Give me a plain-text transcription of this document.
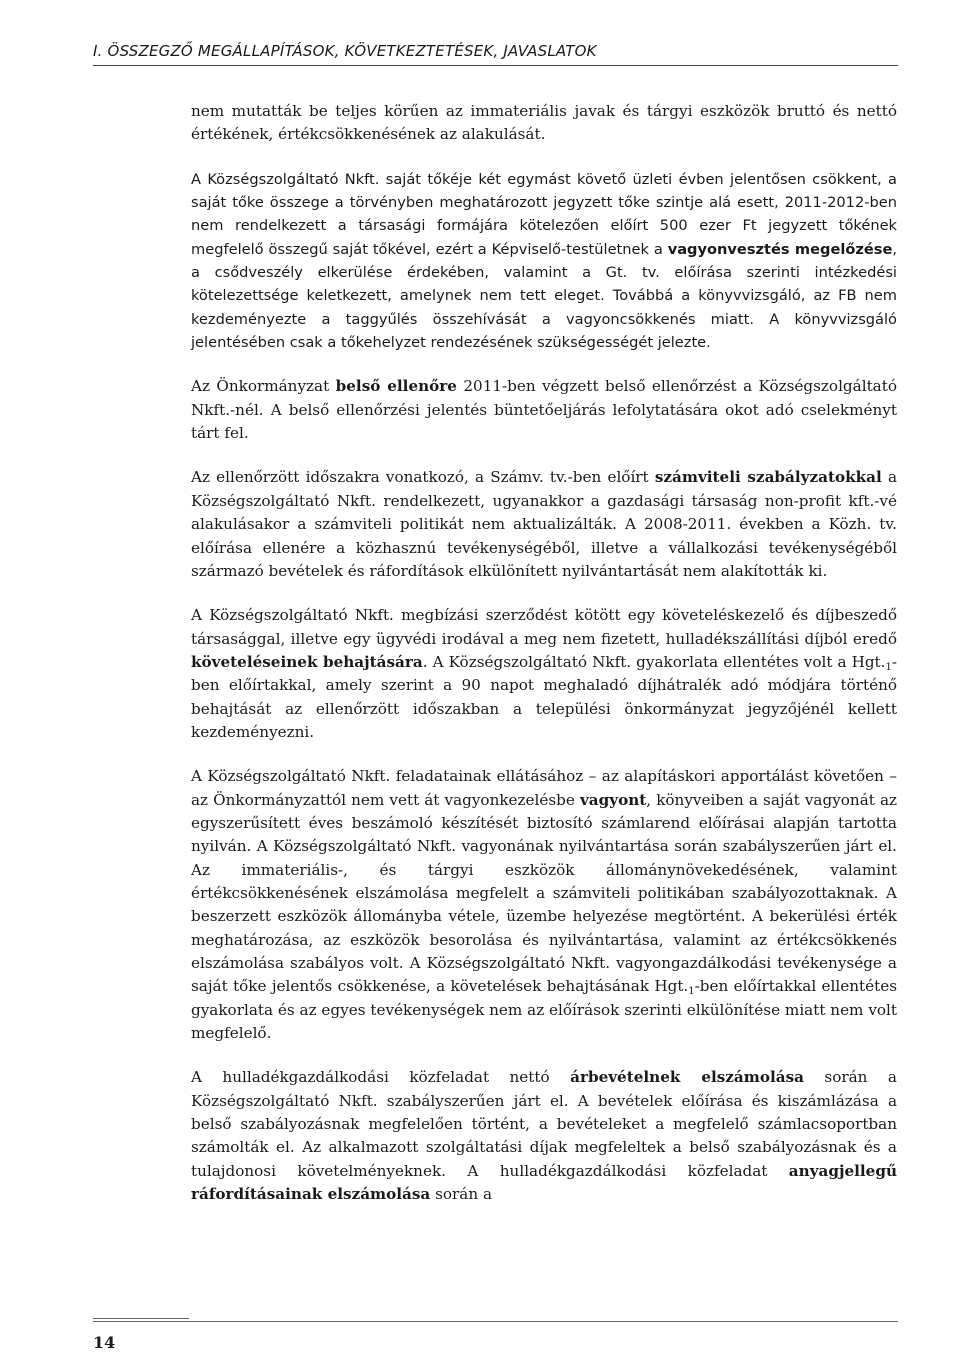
I. ÖSSZEGZŐ MEGÁLLAPÍTÁSOK, KÖVETKEZTETÉSEK, JAVASLATOK

nem mutatták be teljes körűen az immateriális javak és tárgyi eszközök bruttó és nettó értékének, értékcsökkenésének az alakulását.

A Községszolgáltató Nkft. saját tőkéje két egymást követő üzleti évben jelentősen csökkent, a saját tőke összege a törvényben meghatározott jegyzett tőke szintje alá esett, 2011-2012-ben nem rendelkezett a társasági formájára kötelezően előírt 500 ezer Ft jegyzett tőkének megfelelő összegű saját tőkével, ezért a Képviselő-testületnek a vagyonvesztés megelőzése, a csődveszély elkerülése érdekében, valamint a Gt. tv. előírása szerinti intézkedési kötelezettsége keletkezett, amelynek nem tett eleget. Továbbá a könyvvizsgáló, az FB nem kezdeményezte a taggyűlés összehívását a vagyoncsökkenés miatt. A könyvvizsgáló jelentésében csak a tőkehelyzet rendezésének szükségességét jelezte.

Az Önkormányzat belső ellenőre 2011-ben végzett belső ellenőrzést a Községszolgáltató Nkft.-nél. A belső ellenőrzési jelentés büntetőeljárás lefolytatására okot adó cselekményt tárt fel.

Az ellenőrzött időszakra vonatkozó, a Számv. tv.-ben előírt számviteli szabályzatokkal a Községszolgáltató Nkft. rendelkezett, ugyanakkor a gazdasági társaság non-profit kft.-vé alakulásakor a számviteli politikát nem aktualizálták. A 2008-2011. években a Közh. tv. előírása ellenére a közhasznú tevékenységéből, illetve a vállalkozási tevékenységéből származó bevételek és ráfordítások elkülönített nyilvántartását nem alakították ki.

A Községszolgáltató Nkft. megbízási szerződést kötött egy követeléskezelő és díjbeszedő társasággal, illetve egy ügyvédi irodával a meg nem fizetett, hulladékszállítási díjból eredő követeléseinek behajtására. A Községszolgáltató Nkft. gyakorlata ellentétes volt a $Hgt._1$-ben előírtakkal, amely szerint a 90 napot meghaladó díjhátralék adó módjára történő behajtását az ellenőrzött időszakban a települési önkormányzat jegyzőjénél kellett kezdeményezni.

A Községszolgáltató Nkft. feladatainak ellátásához – az alapításkori apportálást követően – az Önkormányzattól nem vett át vagyonkezelésbe vagyont, könyveiben a saját vagyonát az egyszerűsített éves beszámoló készítését biztosító számlarend előírásai alapján tartotta nyilván. A Községszolgáltató Nkft. vagyonának nyilvántartása során szabályszerűen járt el. Az immateriális-, és tárgyi eszközök állománynövekedésének, valamint értékcsökkenésének elszámolása megfelelt a számviteli politikában szabályozottaknak. A beszerzett eszközök állományba vétele, üzembe helyezése megtörtént. A bekerülési érték meghatározása, az eszközök besorolása és nyilvántartása, valamint az értékcsökkenés elszámolása szabályos volt. A Községszolgáltató Nkft. vagyongazdálkodási tevékenysége a saját tőke jelentős csökkenése, a követelések behajtásának $Hgt._1$-ben előírtakkal ellentétes gyakorlata és az egyes tevékenységek nem az előírások szerinti elkülönítése miatt nem volt megfelelő.

A hulladékgazdálkodási közfeladat nettó árbevételnek elszámolása során a Községszolgáltató Nkft. szabályszerűen járt el. A bevételek előírása és kiszámlázása a belső szabályozásnak megfelelően történt, a bevételeket a megfelelő számlacsoportban számolták el. Az alkalmazott szolgáltatási díjak megfeleltek a belső szabályozásnak és a tulajdonosi követelményeknek. A hulladékgazdálkodási közfeladat anyagjellegű ráfordításainak elszámolása során a

14
